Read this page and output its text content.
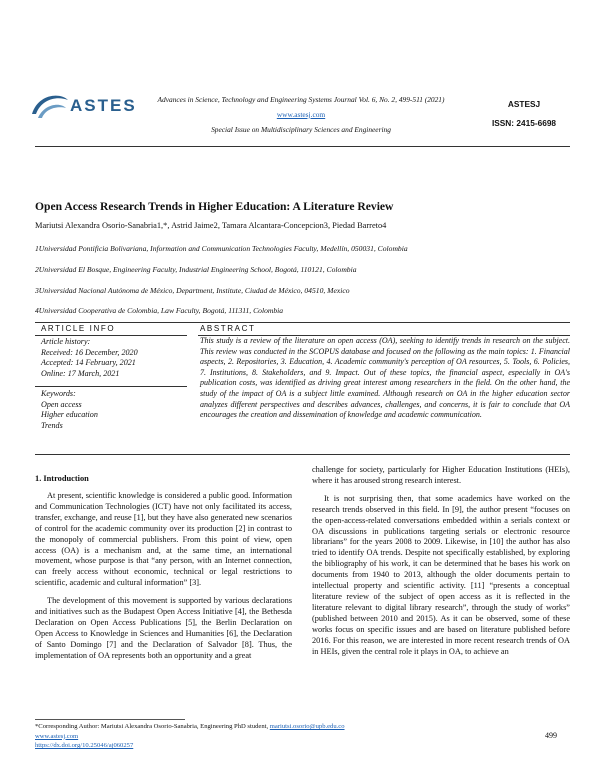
ASTES	Advances in Science, Technology and Engineering Systems Journal Vol. 6, No. 2, 499-511 (2021)
www.astesj.com
Special Issue on Multidisciplinary Sciences and Engineering
ASTESJ
ISSN: 2415-6698
Open Access Research Trends in Higher Education: A Literature Review
Mariutsi Alexandra Osorio-Sanabria1,*, Astrid Jaime2, Tamara Alcantara-Concepcion3, Piedad Barreto4
1Universidad Pontificia Bolivariana, Information and Communication Technologies Faculty, Medellín, 050031, Colombia
2Universidad El Bosque, Engineering Faculty, Industrial Engineering School, Bogotá, 110121, Colombia
3Universidad Nacional Autónoma de México, Department, Institute, Ciudad de México, 04510, Mexico
4Universidad Cooperativa de Colombia, Law Faculty, Bogotá, 111311, Colombia
ARTICLE INFO	ABSTRACT
Article history:
Received: 16 December, 2020
Accepted: 14 February, 2021
Online: 17 March, 2021
Keywords:
Open access
Higher education
Trends
This study is a review of the literature on open access (OA), seeking to identify trends in research on the subject. This review was conducted in the SCOPUS database and focused on the following as the main topics: 1. Financial aspects, 2. Repositories, 3. Education, 4. Academic community's perception of OA resources, 5. Tools, 6. Policies, 7. Institutions, 8. Stakeholders, and 9. Impact. Out of these topics, the financial aspect, especially in OA's publication costs, was identified as driving great interest among researchers in the field. On the other hand, the study of the impact of OA is a subject little examined. Although research on OA in the higher education sector analyzes different perspectives and describes advances, challenges, and concerns, it is fair to conclude that OA encourages the creation and dissemination of knowledge and academic communication.
1. Introduction

At present, scientific knowledge is considered a public good. Information and Communication Technologies (ICT) have not only facilitated its access, transfer, exchange, and reuse [1], but they have also generated new scenarios of control for the academic community over its production [2] in contrast to the monopoly of commercial publishers. From this point of view, open access (OA) is a mechanism and, at the same time, an international movement, whose purpose is that “any person, with an Internet connection, can freely access without economic, technical or legal restrictions to scientific, academic and cultural information” [3].

The development of this movement is supported by various declarations and initiatives such as the Budapest Open Access Initiative [4], the Bethesda Declaration on Open Access Publications [5], the Berlin Declaration on Open Access to Knowledge in Sciences and Humanities [6], the Declaration of Santo Domingo [7] and the Declaration of Salvador [8]. Thus, the implementation of OA represents both an opportunity and a great

challenge for society, particularly for Higher Education Institutions (HEIs), where it has aroused strong research interest.

It is not surprising then, that some academics have worked on the research trends observed in this field. In [9], the author present “focuses on the open-access-related conversations embedded within a serials context or OA discussions in publications targeting serials or electronic resource librarians” for the years 2008 to 2009. Likewise, in [10] the author has also tried to identify OA trends. Despite not specifically established, by exploring the bibliography of his work, it can be determined that he bases his work on documents from 1940 to 2013, although the older documents pertain to intellectual property and scientific activity. [11] “presents a conceptual literature review of the subject of open access as it is reflected in the literature relevant to digital library research”, through the study of works” (published between 2010 and 2015). As it can be observed, some of these works focus on specific issues and are based on literature published before 2016. For this reason, we are interested in more recent research trends of OA in HEIs, given the central role it plays in OA, to achieve an

*Corresponding Author: Mariutsi Alexandra Osorio-Sanabria, Engineering PhD student, mariutsi.osorio@upb.edu.co
www.astesj.com
https://dx.doi.org/10.25046/aj060257
499
